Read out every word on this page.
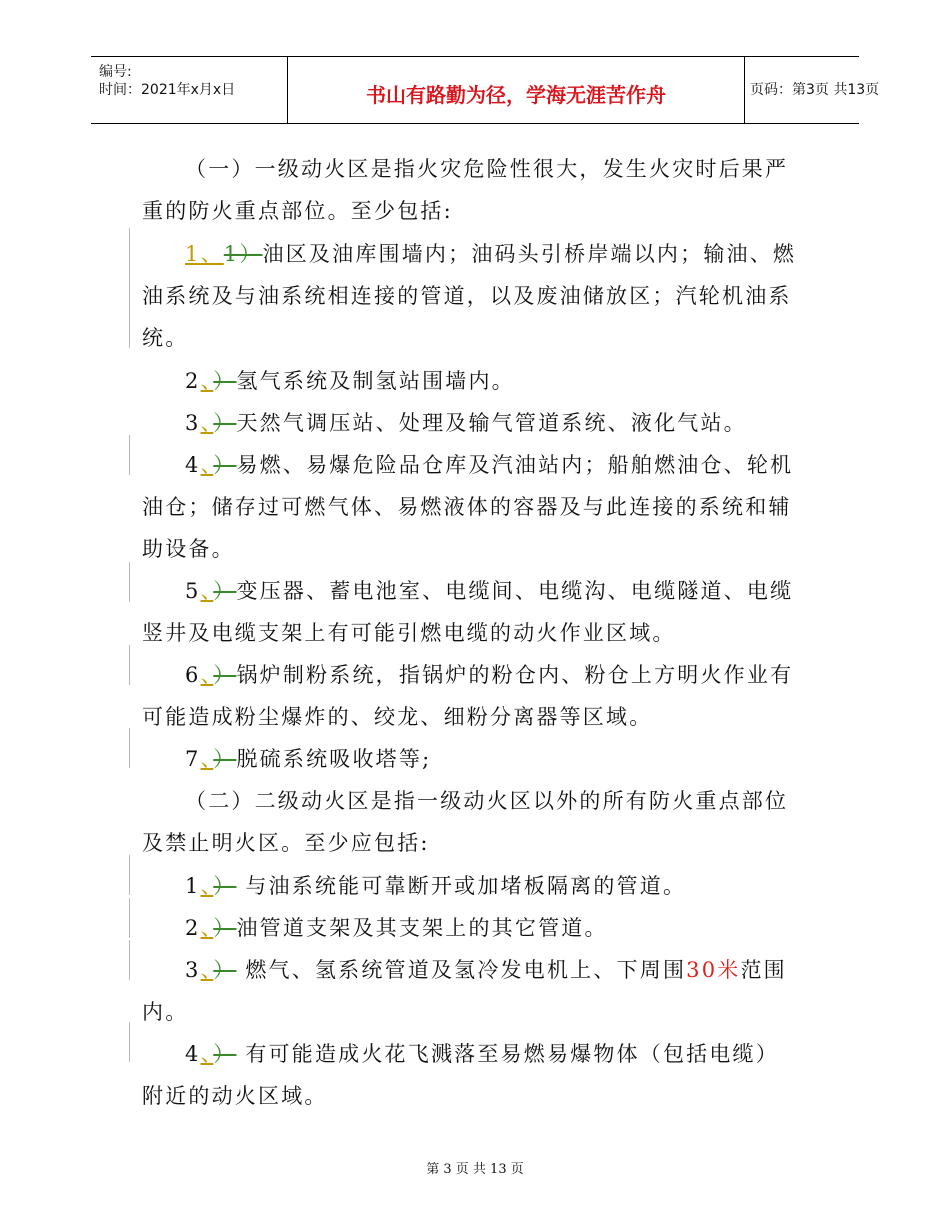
编号:
时间：2021年x月x日	书山有路勤为径，学海无涯苦作舟	页码：第3页 共13页
（一）一级动火区是指火灾危险性很大，发生火灾时后果严
重的防火重点部位。至少包括:
1、1）油区及油库围墙内；油码头引桥岸端以内；输油、燃
油系统及与油系统相连接的管道，以及废油储放区；汽轮机油系
统。
2、）氢气系统及制氢站围墙内。
3、）天然气调压站、处理及输气管道系统、液化气站。
4、）易燃、易爆危险品仓库及汽油站内；船舶燃油仓、轮机
油仓；储存过可燃气体、易燃液体的容器及与此连接的系统和辅
助设备。
5、）变压器、蓄电池室、电缆间、电缆沟、电缆隧道、电缆
竖井及电缆支架上有可能引燃电缆的动火作业区域。
6、）锅炉制粉系统，指锅炉的粉仓内、粉仓上方明火作业有
可能造成粉尘爆炸的、绞龙、细粉分离器等区域。
7、）脱硫系统吸收塔等;
（二）二级动火区是指一级动火区以外的所有防火重点部位
及禁止明火区。至少应包括:
1、） 与油系统能可靠断开或加堵板隔离的管道。
2、）油管道支架及其支架上的其它管道。
3、） 燃气、氢系统管道及氢冷发电机上、下周围30米范围
内。
4、） 有可能造成火花飞溅落至易燃易爆物体（包括电缆）
附近的动火区域。
第 3 页 共 13 页
